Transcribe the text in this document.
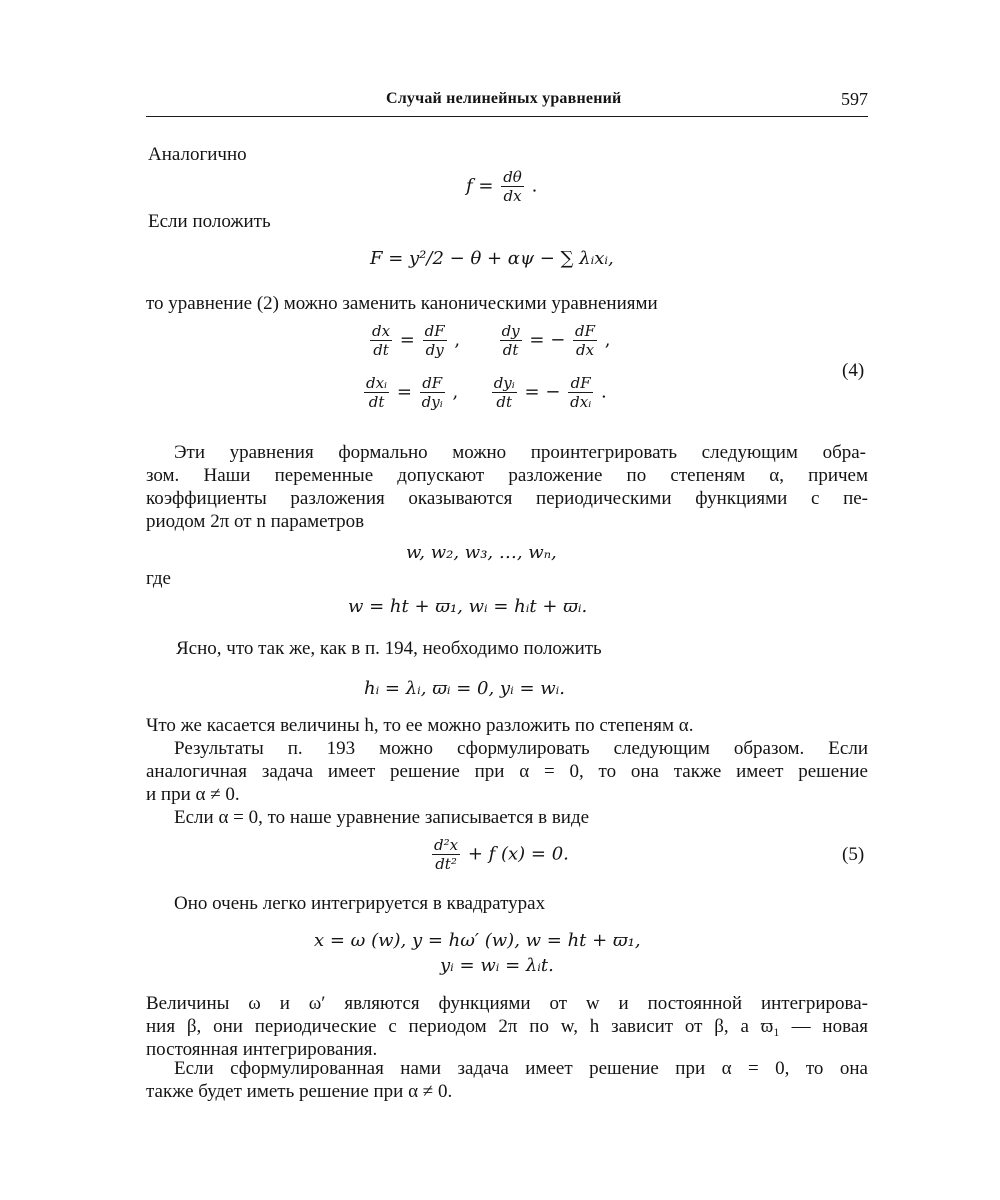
Случай нелинейных уравнений	597
Аналогично
$f = \frac{d\theta}{dx}$ .
Если положить
F = y²/2 − θ + αψ − ∑ λᵢxᵢ,
то уравнение (2) можно заменить каноническими уравнениями
$\frac{dx}{dt} = \frac{dF}{dy}$ ,	$\frac{dy}{dt}$ = − $\frac{dF}{dx}$ ,
$\frac{\text{dxᵢ}}{dt} = \frac{dF}{\text{dyᵢ}}$ , $\frac{\text{dyᵢ}}{dt}$ = − $\frac{dF}{\text{dxᵢ}}$ .
(4)
Эти уравнения формально можно проинтегрировать следующим обра-
зом. Наши переменные допускают разложение по степеням α, причем
коэффициенты разложения оказываются периодическими функциями с пе-
риодом 2π от n параметров
w, w₂, w₃, …, wₙ,
где
w = ht + ϖ₁, wᵢ = hᵢt + ϖᵢ.
Ясно, что так же, как в п. 194, необходимо положить
hᵢ = λᵢ, ϖᵢ = 0, yᵢ = wᵢ.
Что же касается величины h, то ее можно разложить по степеням α.
Результаты п. 193 можно сформулировать следующим образом. Если
аналогичная задача имеет решение при α = 0, то она также имеет решение
и при α ≠ 0.
Если α = 0, то наше уравнение записывается в виде
$\frac{\text{d²x}}{\text{dt²}} + f$ (x) = 0.	(5)
Оно очень легко интегрируется в квадратурах
x = ω (w), y = hω′ (w), w = ht + ϖ₁,
yᵢ = wᵢ = λᵢt.
Величины ω и ω′ являются функциями от w и постоянной интегрирова-
ния β, они периодические с периодом 2π по w, h зависит от β, а ϖ₁ — новая
постоянная интегрирования.
Если сформулированная нами задача имеет решение при α = 0, то она
также будет иметь решение при α ≠ 0.
